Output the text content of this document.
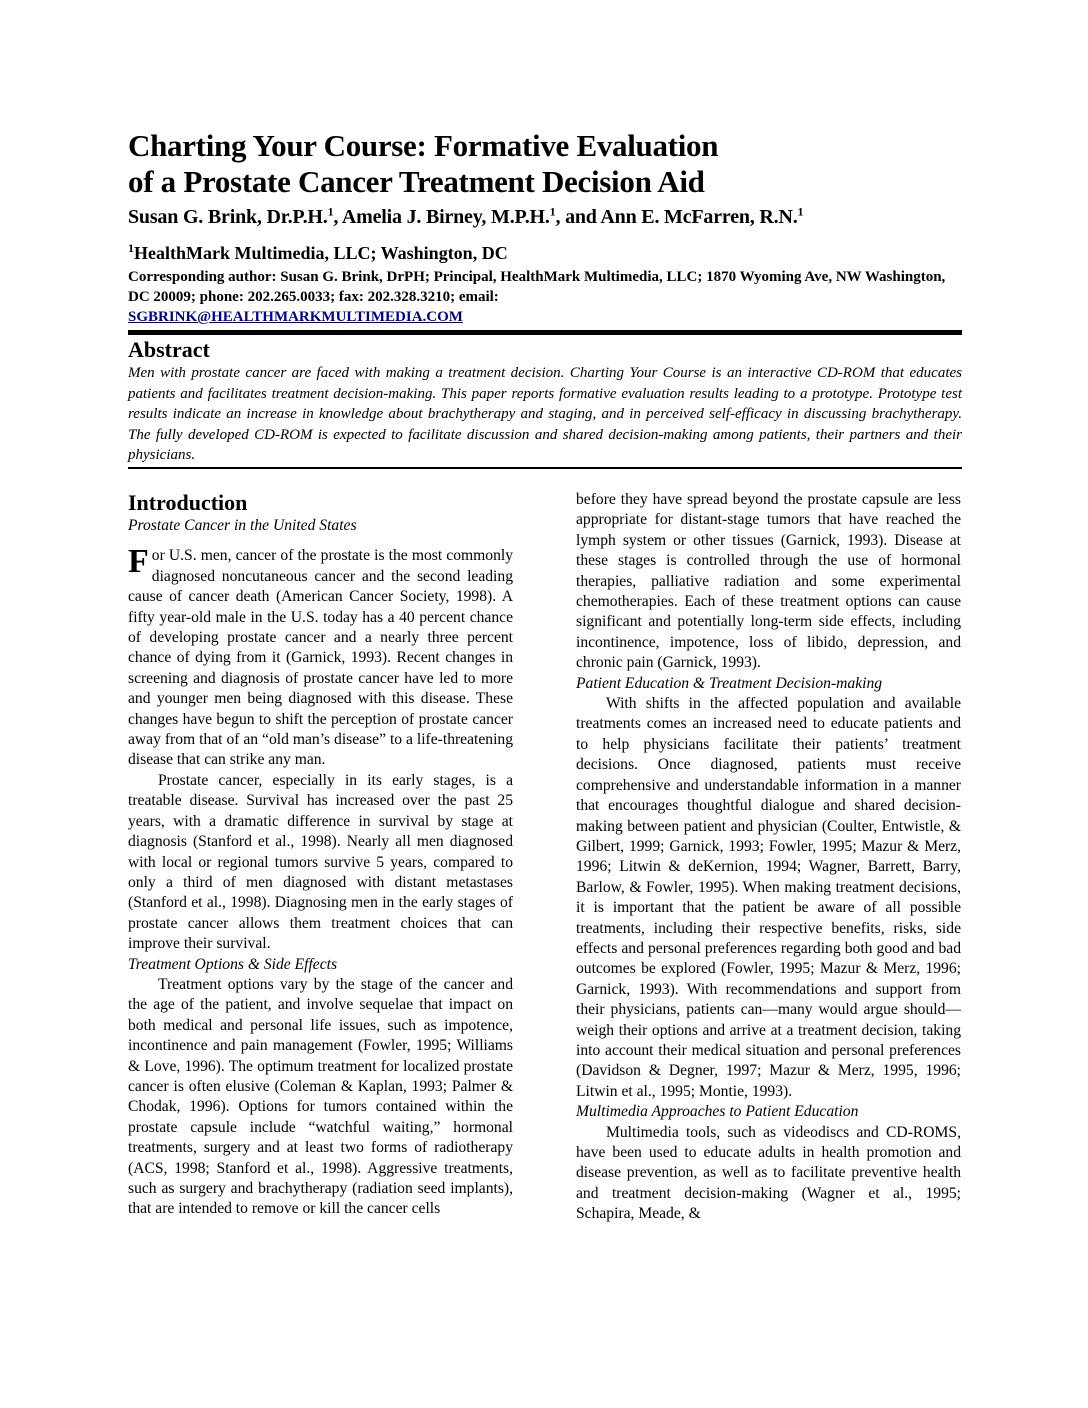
Charting Your Course: Formative Evaluation
of a Prostate Cancer Treatment Decision Aid

Susan G. Brink, Dr.P.H.$^1$, Amelia J. Birney, M.P.H.$^1$, and Ann E. McFarren, R.N.$^1$

$^1$HealthMark Multimedia, LLC; Washington, DC

Corresponding author: Susan G. Brink, DrPH; Principal, HealthMark Multimedia, LLC; 1870 Wyoming Ave, NW Washington, DC 20009; phone: 202.265.0033; fax: 202.328.3210; email:
SGBRINK@HEALTHMARKMULTIMEDIA.COM

Abstract

Men with prostate cancer are faced with making a treatment decision. Charting Your Course is an interactive CD-ROM that educates patients and facilitates treatment decision-making. This paper reports formative evaluation results leading to a prototype. Prototype test results indicate an increase in knowledge about brachytherapy and staging, and in perceived self-efficacy in discussing brachytherapy. The fully developed CD-ROM is expected to facilitate discussion and shared decision-making among patients, their partners and their physicians.

Introduction

Prostate Cancer in the United States

For U.S. men, cancer of the prostate is the most commonly diagnosed noncutaneous cancer and the second leading cause of cancer death (American Cancer Society, 1998). A fifty year-old male in the U.S. today has a 40 percent chance of developing prostate cancer and a nearly three percent chance of dying from it (Garnick, 1993). Recent changes in screening and diagnosis of prostate cancer have led to more and younger men being diagnosed with this disease. These changes have begun to shift the perception of prostate cancer away from that of an “old man’s disease” to a life-threatening disease that can strike any man.

Prostate cancer, especially in its early stages, is a treatable disease. Survival has increased over the past 25 years, with a dramatic difference in survival by stage at diagnosis (Stanford et al., 1998). Nearly all men diagnosed with local or regional tumors survive 5 years, compared to only a third of men diagnosed with distant metastases (Stanford et al., 1998). Diagnosing men in the early stages of prostate cancer allows them treatment choices that can improve their survival.

Treatment Options & Side Effects

Treatment options vary by the stage of the cancer and the age of the patient, and involve sequelae that impact on both medical and personal life issues, such as impotence, incontinence and pain management (Fowler, 1995; Williams & Love, 1996). The optimum treatment for localized prostate cancer is often elusive (Coleman & Kaplan, 1993; Palmer & Chodak, 1996). Options for tumors contained within the prostate capsule include “watchful waiting,” hormonal treatments, surgery and at least two forms of radiotherapy (ACS, 1998; Stanford et al., 1998). Aggressive treatments, such as surgery and brachytherapy (radiation seed implants), that are intended to remove or kill the cancer cells

before they have spread beyond the prostate capsule are less appropriate for distant-stage tumors that have reached the lymph system or other tissues (Garnick, 1993). Disease at these stages is controlled through the use of hormonal therapies, palliative radiation and some experimental chemotherapies. Each of these treatment options can cause significant and potentially long-term side effects, including incontinence, impotence, loss of libido, depression, and chronic pain (Garnick, 1993).

Patient Education & Treatment Decision-making

With shifts in the affected population and available treatments comes an increased need to educate patients and to help physicians facilitate their patients’ treatment decisions. Once diagnosed, patients must receive comprehensive and understandable information in a manner that encourages thoughtful dialogue and shared decision-making between patient and physician (Coulter, Entwistle, & Gilbert, 1999; Garnick, 1993; Fowler, 1995; Mazur & Merz, 1996; Litwin & deKernion, 1994; Wagner, Barrett, Barry, Barlow, & Fowler, 1995). When making treatment decisions, it is important that the patient be aware of all possible treatments, including their respective benefits, risks, side effects and personal preferences regarding both good and bad outcomes be explored (Fowler, 1995; Mazur & Merz, 1996; Garnick, 1993). With recommendations and support from their physicians, patients can—many would argue should—weigh their options and arrive at a treatment decision, taking into account their medical situation and personal preferences (Davidson & Degner, 1997; Mazur & Merz, 1995, 1996; Litwin et al., 1995; Montie, 1993).

Multimedia Approaches to Patient Education

Multimedia tools, such as videodiscs and CD-ROMS, have been used to educate adults in health promotion and disease prevention, as well as to facilitate preventive health and treatment decision-making (Wagner et al., 1995; Schapira, Meade, &
